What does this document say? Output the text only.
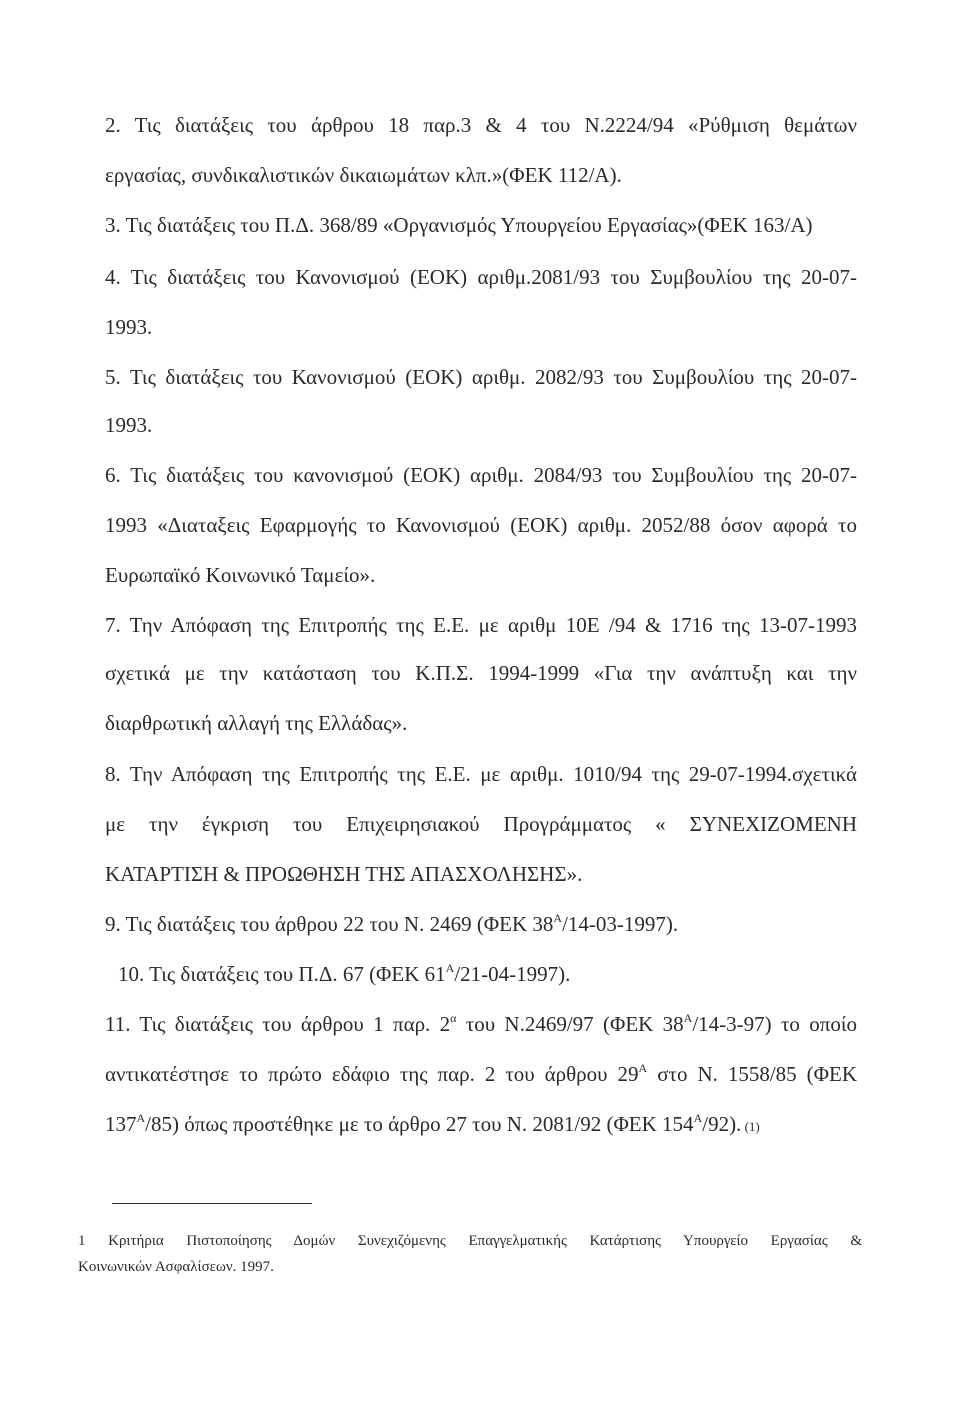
2. Τις διατάξεις του άρθρου 18 παρ.3 & 4 του Ν.2224/94 «Ρύθμιση θεμάτων
εργασίας, συνδικαλιστικών δικαιωμάτων κλπ.»(ΦΕΚ 112/Α).
3. Τις διατάξεις του Π.Δ. 368/89 «Οργανισμός Υπουργείου Εργασίας»(ΦΕΚ 163/Α)
4. Τις διατάξεις του Κανονισμού (ΕΟΚ) αριθμ.2081/93 του Συμβουλίου της 20-07-
1993.
5. Τις διατάξεις του Κανονισμού (ΕΟΚ) αριθμ. 2082/93 του Συμβουλίου της 20-07-
1993.
6. Τις διατάξεις του κανονισμού (ΕΟΚ) αριθμ. 2084/93 του Συμβουλίου της 20-07-
1993 «Διαταξεις Εφαρμογής το Κανονισμού (ΕΟΚ) αριθμ. 2052/88 όσον αφορά το
Ευρωπαϊκό Κοινωνικό Ταμείο».
7. Την Απόφαση της Επιτροπής της Ε.Ε. με αριθμ 10Ε /94 & 1716 της 13-07-1993
σχετικά με την κατάσταση του Κ.Π.Σ. 1994-1999 «Για την ανάπτυξη και την
διαρθρωτική αλλαγή της Ελλάδας».
8. Την Απόφαση της Επιτροπής της Ε.Ε. με αριθμ. 1010/94 της 29-07-1994.σχετικά
με την έγκριση του Επιχειρησιακού Προγράμματος « ΣΥΝΕΧΙΖΟΜΕΝΗ
ΚΑΤΑΡΤΙΣΗ & ΠΡΟΩΘΗΣΗ ΤΗΣ ΑΠΑΣΧΟΛΗΣΗΣ».
9. Τις διατάξεις του άρθρου 22 του Ν. 2469 (ΦΕΚ $38^A/14-03-1997$).
10. Τις διατάξεις του Π.Δ. 67 (ΦΕΚ $61^A/21-04-1997$).
11. Τις διατάξεις του άρθρου 1 παρ. $2^\alpha$ του Ν.2469/97 (ΦΕΚ $38^A/14-3-97$) το οποίο
αντικατέστησε το πρώτο εδάφιο της παρ. 2 του άρθρου $29^A$ στο Ν. 1558/85 (ΦΕΚ
$137^A/85$) όπως προστέθηκε με το άρθρο 27 του Ν. 2081/92 (ΦΕΚ $154^A/92$). (1)
1 Κριτήρια Πιστοποίησης Δομών Συνεχιζόμενης Επαγγελματικής Κατάρτισης Υπουργείο Εργασίας &
Κοινωνικών Ασφαλίσεων. 1997.
